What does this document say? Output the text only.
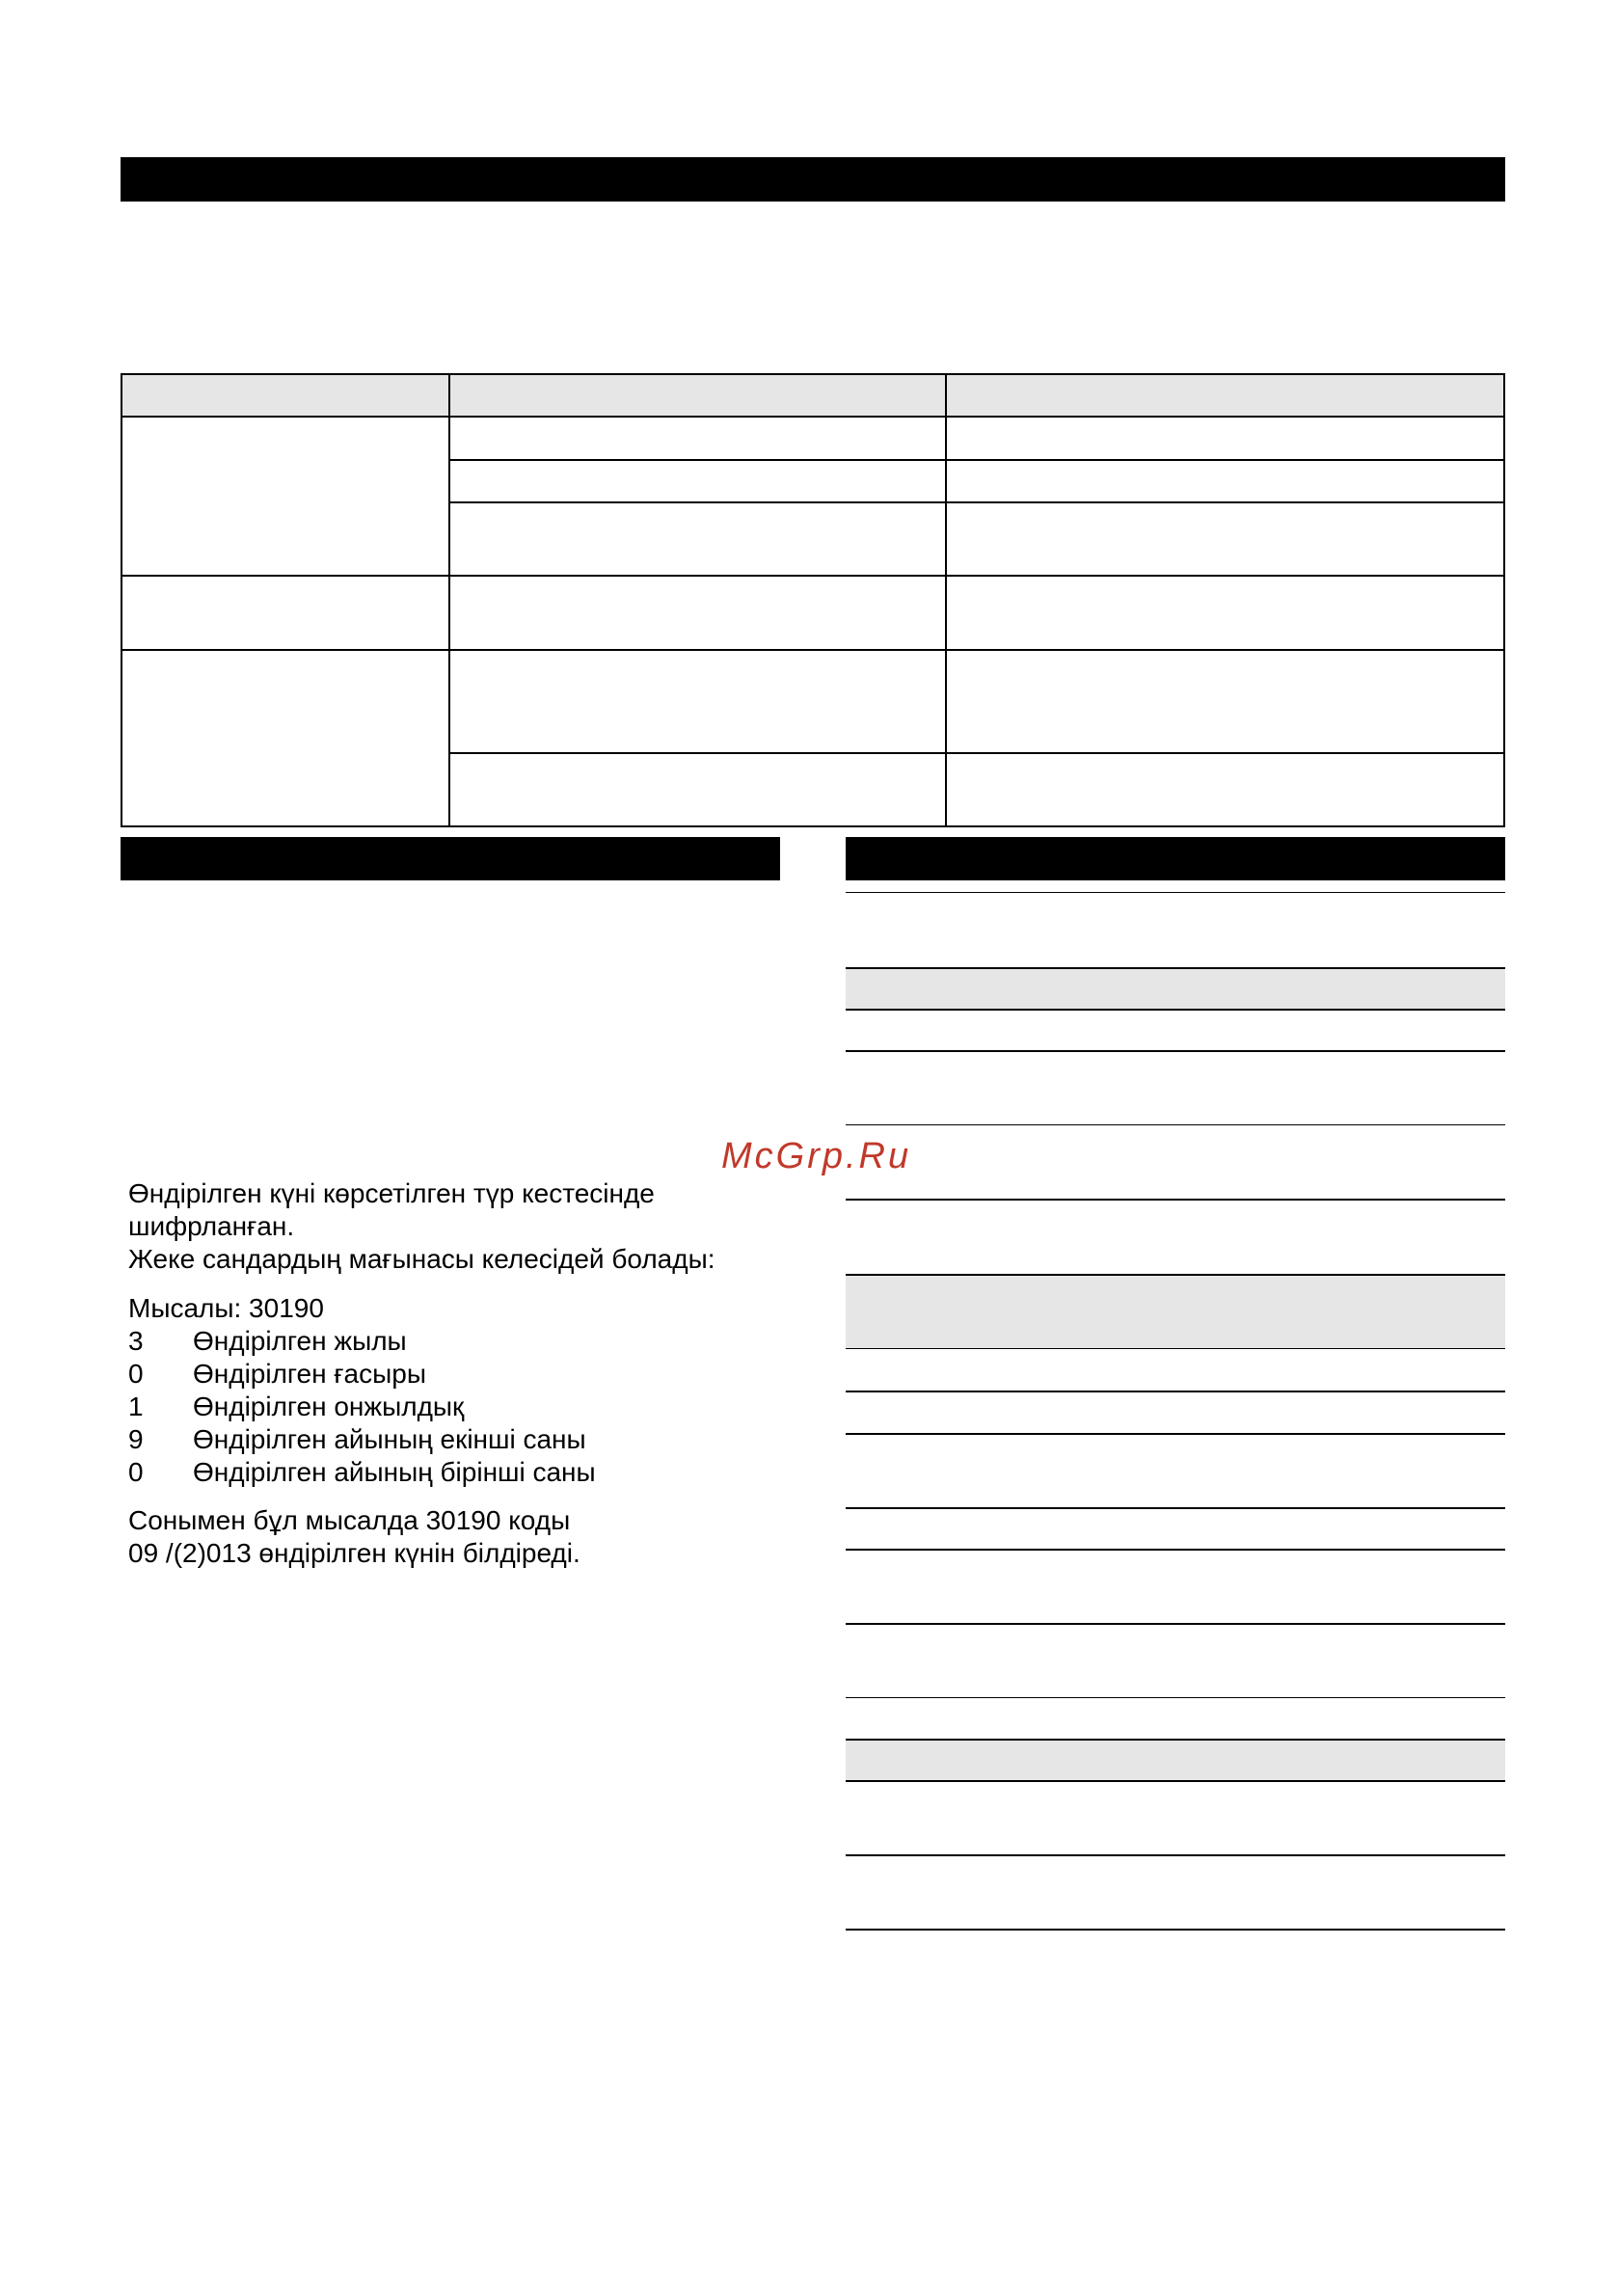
McGrp.Ru
Өндірілген күні көрсетілген түр кестесінде
шифрланған.
Жеке сандардың мағынасы келесідей болады:
Мысалы: 30190
3 Өндірілген жылы
0 Өндірілген ғасыры
1 Өндірілген онжылдық
9 Өндірілген айының екінші саны
0 Өндірілген айының бірінші саны
Сонымен бұл мысалда 30190 коды
09 /(2)013 өндірілген күнін білдіреді.
